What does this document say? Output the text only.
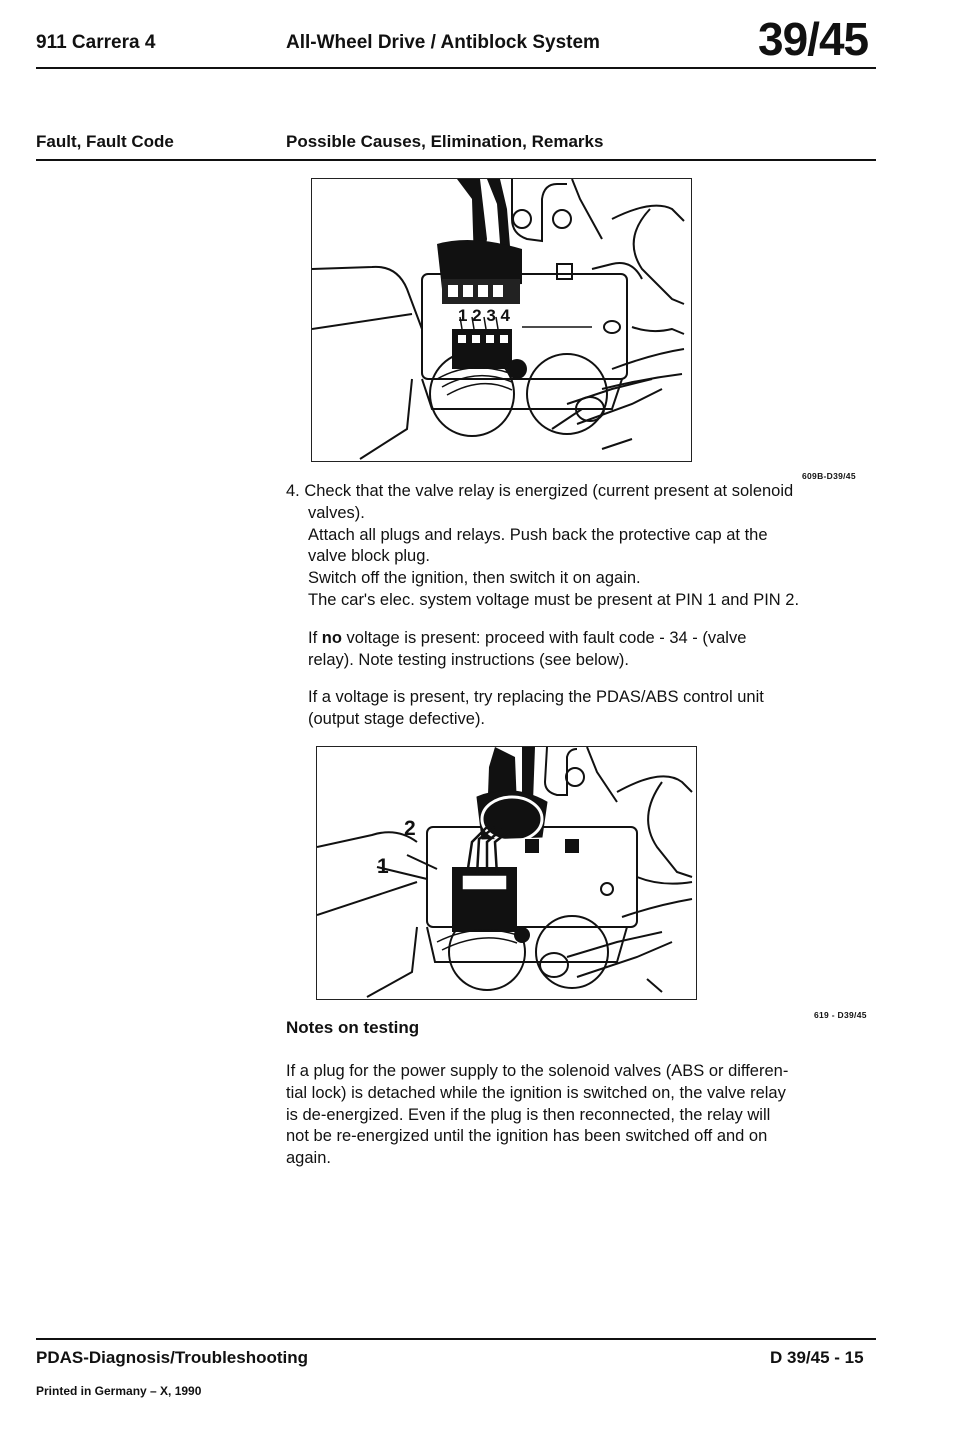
911 Carrera 4	All-Wheel Drive / Antiblock System	39/45
Fault, Fault Code	Possible Causes, Elimination, Remarks
1 2 3 4
609B-D39/45

4. Check that the valve relay is energized (current present at solenoid

valves).

Attach all plugs and relays. Push back the protective cap at the

valve block plug.

Switch off the ignition, then switch it on again.

The car's elec. system voltage must be present at PIN 1 and PIN 2.

If no voltage is present: proceed with fault code - 34 - (valve

relay). Note testing instructions (see below).

If a voltage is present, try replacing the PDAS/ABS control unit

(output stage defective).

2
1
619 - D39/45
Notes on testing
If a plug for the power supply to the solenoid valves (ABS or differen-
tial lock) is detached while the ignition is switched on, the valve relay
is de-energized. Even if the plug is then reconnected, the relay will
not be re-energized until the ignition has been switched off and on
again.
PDAS-Diagnosis/Troubleshooting	D 39/45 - 15
Printed in Germany – X, 1990
